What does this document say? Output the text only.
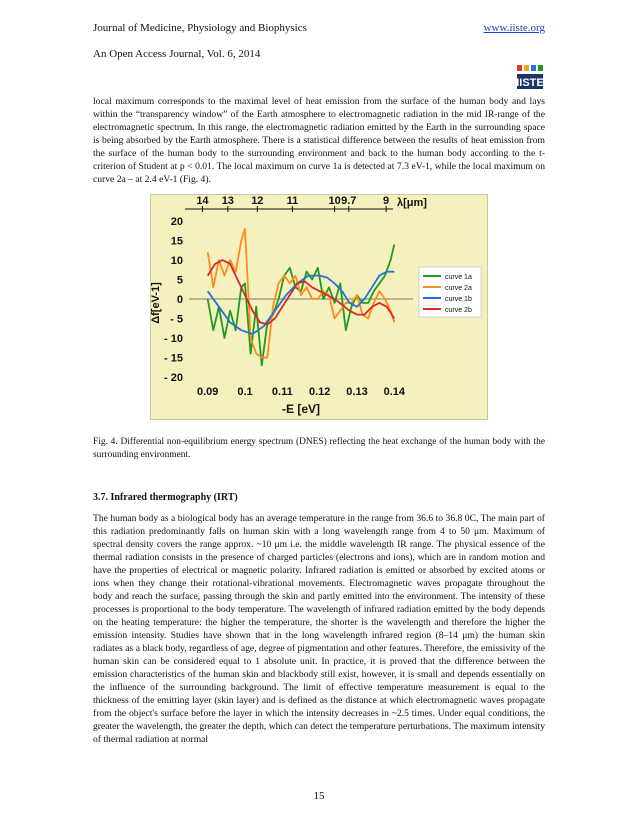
Journal of Medicine, Physiology and Biophysics	www.iiste.org
An Open Access Journal, Vol. 6, 2014
IISTE

local maximum corresponds to the maximal level of heat emission from the surface of the human body and lays within the “transparency window” of the Earth atmosphere to electromagnetic radiation in the mid IR-range of the electromagnetic spectrum. In this range, the electromagnetic radiation emitted by the Earth in the surrounding space is being absorbed by the Earth atmosphere. There is a statistical difference between the results of heat emission from the surface of the human body to the surrounding environment and back to the human body according to the t-criterion of Student at p < 0.01. The local maximum on curve 1a is detected at 7.3 eV-1, while the local maximum on curve 2a – at 2.4 eV-1 (Fig. 4).

20
15
10
5
0
- 5
- 10
- 15
- 20
0.09 0.1 0.11 0.12 0.13 0.14
-E [eV]
Δf[eV-1]
14 13 12 11	10 9.7 9 λ[μm]
curve 1a
curve 2a
curve 1b
curve 2b

Fig. 4. Differential non-equilibrium energy spectrum (DNES) reflecting the heat exchange of the human body with the surrounding environment.

3.7. Infrared thermography (IRT)

The human body as a biological body has an average temperature in the range from 36.6 to 36.8 0C, The main part of this radiation predominantly falls on human skin with a long wavelength range from 4 to 50 μm. Maximum of spectral density covers the range approx. ~10 μm i.e. the middle wavelength IR range. The physical essence of the thermal radiation consists in the presence of charged particles (electrons and ions), which are in random motion and have the properties of electrical or magnetic polarity. Infrared radiation is emitted or absorbed by excited atoms or ions when they change their rotational-vibrational movements. Electromagnetic waves propagate throughout the body and reach the surface, passing through the skin and partly emitted into the environment. The intensity of these processes is proportional to the body temperature. The wavelength of infrared radiation emitted by the body depends on the heating temperature: the higher the temperature, the shorter is the wavelength and therefore the higher the emission intensity. Studies have shown that in the long wavelength infrared region (8–14 μm) the human skin radiates as a black body, regardless of age, degree of pigmentation and other features. Therefore, the emissivity of the human skin can be considered equal to 1 absolute unit. In practice, it is proved that the difference between the emission characteristics of the human skin and blackbody still exist, however, it is small and depends essentially on the influence of the surrounding background. The limit of effective temperature measurement is equal to the thickness of the emitting layer (skin layer) and is defined as the distance at which electromagnetic waves propagate from the object's surface before the layer in which the intensity decreases in ~2.5 times. Under equal conditions, the greater the wavelength, the greater the depth, which can detect the temperature perturbations. The maximum intensity of thermal radiation at normal

15
